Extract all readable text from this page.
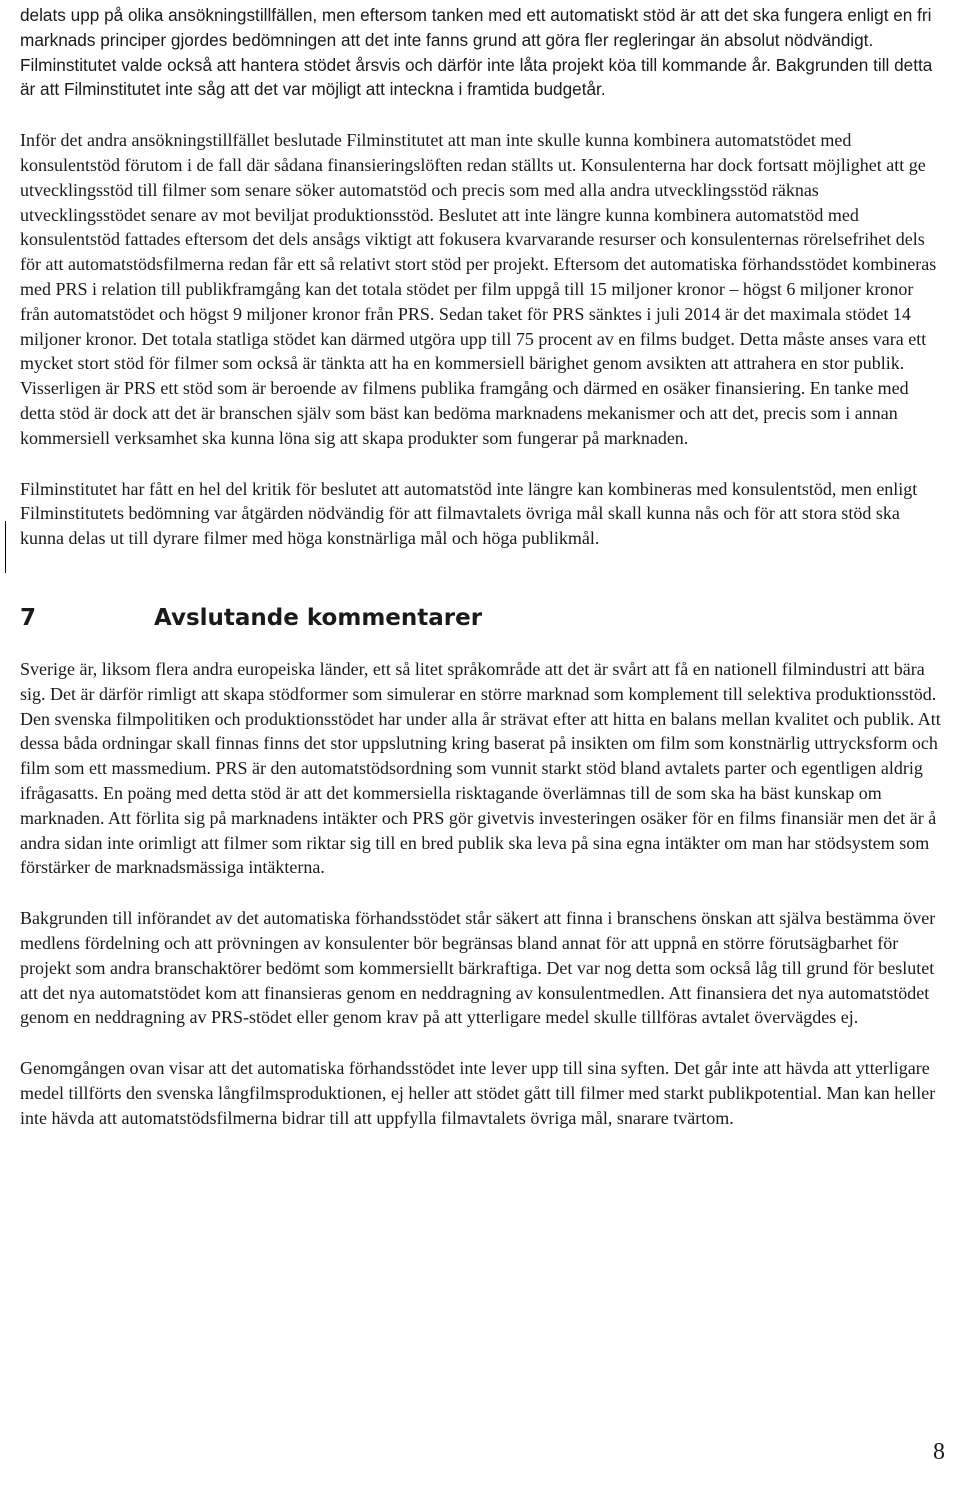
delats upp på olika ansökningstillfällen, men eftersom tanken med ett automatiskt stöd är att det ska fungera enligt en fri marknads principer gjordes bedömningen att det inte fanns grund att göra fler regleringar än absolut nödvändigt. Filminstitutet valde också att hantera stödet årsvis och därför inte låta projekt köa till kommande år. Bakgrunden till detta är att Filminstitutet inte såg att det var möjligt att inteckna i framtida budgetår.

Inför det andra ansökningstillfället beslutade Filminstitutet att man inte skulle kunna kombinera automatstödet med konsulentstöd förutom i de fall där sådana finansieringslöften redan ställts ut. Konsulenterna har dock fortsatt möjlighet att ge utvecklingsstöd till filmer som senare söker automatstöd och precis som med alla andra utvecklingsstöd räknas utvecklingsstödet senare av mot beviljat produktionsstöd. Beslutet att inte längre kunna kombinera automatstöd med konsulentstöd fattades eftersom det dels ansågs viktigt att fokusera kvarvarande resurser och konsulenternas rörelsefrihet dels för att automatstödsfilmerna redan får ett så relativt stort stöd per projekt. Eftersom det automatiska förhandsstödet kombineras med PRS i relation till publikframgång kan det totala stödet per film uppgå till 15 miljoner kronor – högst 6 miljoner kronor från automatstödet och högst 9 miljoner kronor från PRS. Sedan taket för PRS sänktes i juli 2014 är det maximala stödet 14 miljoner kronor. Det totala statliga stödet kan därmed utgöra upp till 75 procent av en films budget. Detta måste anses vara ett mycket stort stöd för filmer som också är tänkta att ha en kommersiell bärighet genom avsikten att attrahera en stor publik. Visserligen är PRS ett stöd som är beroende av filmens publika framgång och därmed en osäker finansiering. En tanke med detta stöd är dock att det är branschen själv som bäst kan bedöma marknadens mekanismer och att det, precis som i annan kommersiell verksamhet ska kunna löna sig att skapa produkter som fungerar på marknaden.

Filminstitutet har fått en hel del kritik för beslutet att automatstöd inte längre kan kombineras med konsulentstöd, men enligt Filminstitutets bedömning var åtgärden nödvändig för att filmavtalets övriga mål skall kunna nås och för att stora stöd ska kunna delas ut till dyrare filmer med höga konstnärliga mål och höga publikmål.

7	Avslutande kommentarer

Sverige är, liksom flera andra europeiska länder, ett så litet språkområde att det är svårt att få en nationell filmindustri att bära sig. Det är därför rimligt att skapa stödformer som simulerar en större marknad som komplement till selektiva produktionsstöd. Den svenska filmpolitiken och produktionsstödet har under alla år strävat efter att hitta en balans mellan kvalitet och publik. Att dessa båda ordningar skall finnas finns det stor uppslutning kring baserat på insikten om film som konstnärlig uttrycksform och film som ett massmedium. PRS är den automatstödsordning som vunnit starkt stöd bland avtalets parter och egentligen aldrig ifrågasatts. En poäng med detta stöd är att det kommersiella risktagande överlämnas till de som ska ha bäst kunskap om marknaden. Att förlita sig på marknadens intäkter och PRS gör givetvis investeringen osäker för en films finansiär men det är å andra sidan inte orimligt att filmer som riktar sig till en bred publik ska leva på sina egna intäkter om man har stödsystem som förstärker de marknadsmässiga intäkterna.

Bakgrunden till införandet av det automatiska förhandsstödet står säkert att finna i branschens önskan att själva bestämma över medlens fördelning och att prövningen av konsulenter bör begränsas bland annat för att uppnå en större förutsägbarhet för projekt som andra branschaktörer bedömt som kommersiellt bärkraftiga. Det var nog detta som också låg till grund för beslutet att det nya automatstödet kom att finansieras genom en neddragning av konsulentmedlen. Att finansiera det nya automatstödet genom en neddragning av PRS-stödet eller genom krav på att ytterligare medel skulle tillföras avtalet övervägdes ej.

Genomgången ovan visar att det automatiska förhandsstödet inte lever upp till sina syften. Det går inte att hävda att ytterligare medel tillförts den svenska långfilmsproduktionen, ej heller att stödet gått till filmer med starkt publikpotential. Man kan heller inte hävda att automatstödsfilmerna bidrar till att uppfylla filmavtalets övriga mål, snarare tvärtom.

8
